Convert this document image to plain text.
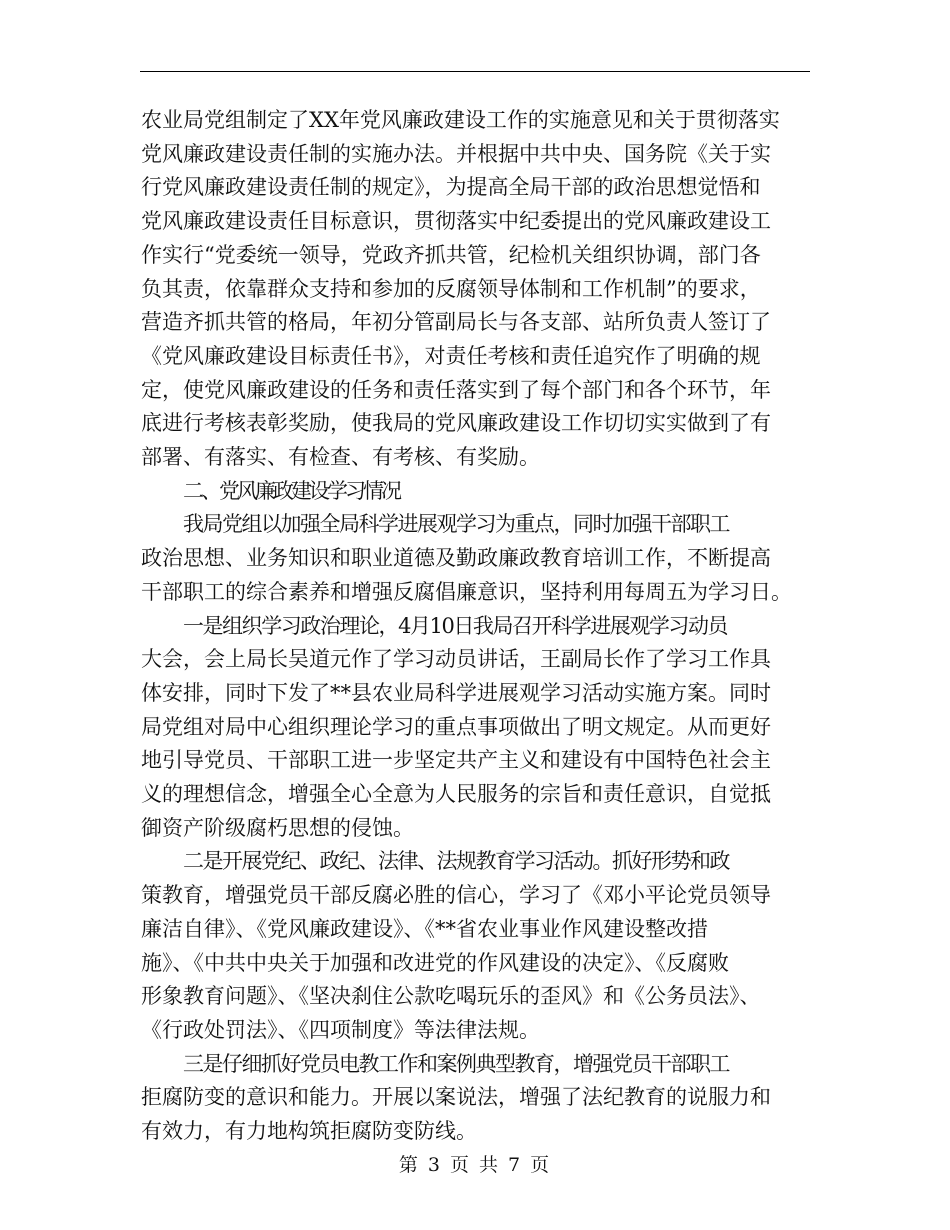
农业局党组制定了XX年党风廉政建设工作的实施意见和关于贯彻落实
党风廉政建设责任制的实施办法。并根据中共中央、国务院《关于实
行党风廉政建设责任制的规定》，为提高全局干部的政治思想觉悟和
党风廉政建设责任目标意识，贯彻落实中纪委提出的党风廉政建设工
作实行“党委统一领导，党政齐抓共管，纪检机关组织协调，部门各
负其责，依靠群众支持和参加的反腐领导体制和工作机制”的要求，
营造齐抓共管的格局，年初分管副局长与各支部、站所负责人签订了
《党风廉政建设目标责任书》，对责任考核和责任追究作了明确的规
定，使党风廉政建设的任务和责任落实到了每个部门和各个环节，年
底进行考核表彰奖励，使我局的党风廉政建设工作切切实实做到了有
部署、有落实、有检查、有考核、有奖励。
二、党风廉政建设学习情况
我局党组以加强全局科学进展观学习为重点，同时加强干部职工
政治思想、业务知识和职业道德及勤政廉政教育培训工作，不断提高
干部职工的综合素养和增强反腐倡廉意识，坚持利用每周五为学习日。
一是组织学习政治理论，4月10日我局召开科学进展观学习动员
大会，会上局长吴道元作了学习动员讲话，王副局长作了学习工作具
体安排，同时下发了**县农业局科学进展观学习活动实施方案。同时
局党组对局中心组织理论学习的重点事项做出了明文规定。从而更好
地引导党员、干部职工进一步坚定共产主义和建设有中国特色社会主
义的理想信念，增强全心全意为人民服务的宗旨和责任意识，自觉抵
御资产阶级腐朽思想的侵蚀。
二是开展党纪、政纪、法律、法规教育学习活动。抓好形势和政
策教育，增强党员干部反腐必胜的信心，学习了《邓小平论党员领导
廉洁自律》、《党风廉政建设》、《**省农业事业作风建设整改措
施》、《中共中央关于加强和改进党的作风建设的决定》、《反腐败
形象教育问题》、《坚决刹住公款吃喝玩乐的歪风》和《公务员法》、
《行政处罚法》、《四项制度》等法律法规。
三是仔细抓好党员电教工作和案例典型教育，增强党员干部职工
拒腐防变的意识和能力。开展以案说法，增强了法纪教育的说服力和
有效力，有力地构筑拒腐防变防线。
第 3 页 共 7 页
